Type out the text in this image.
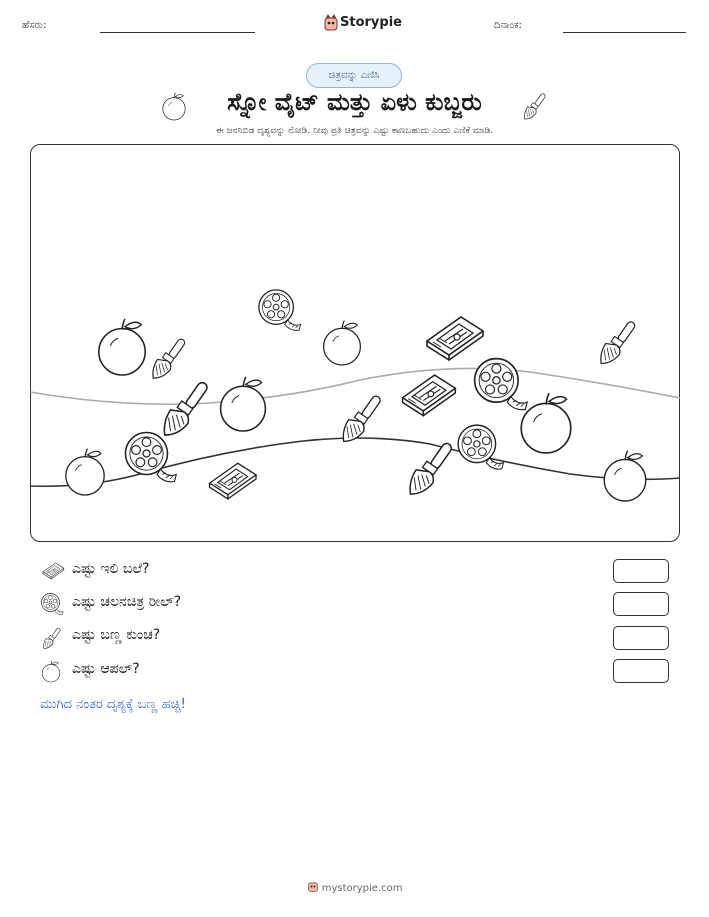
ಹೆಸರು:	Storypie	ದಿನಾಂಕ:
ಚಿತ್ರವನ್ನು ಎಣಿಸಿ
ಸ್ನೋ ವೈಟ್ ಮತ್ತು ಏಳು ಕುಬ್ಜರು
ಈ ಜನನಿಬಿಡ ದೃಶ್ಯವನ್ನು ನೋಡಿ. ನೀವು ಪ್ರತಿ ಚಿತ್ರವನ್ನು ಎಷ್ಟು ಕಾಣಬಹುದು ಎಂದು ಎಣಿಕೆ ಮಾಡಿ.
ಎಷ್ಟು ಇಲಿ ಬಲೆ?
ಎಷ್ಟು ಚಲನಚಿತ್ರ ರೀಲ್?
ಎಷ್ಟು ಬಣ್ಣ ಕುಂಚ?
ಎಷ್ಟು ಆಪಲ್?
ಮುಗಿದ ನಂತರ ದೃಶ್ಯಕ್ಕೆ ಬಣ್ಣ ಹಚ್ಚಿ!
mystorypie.com
